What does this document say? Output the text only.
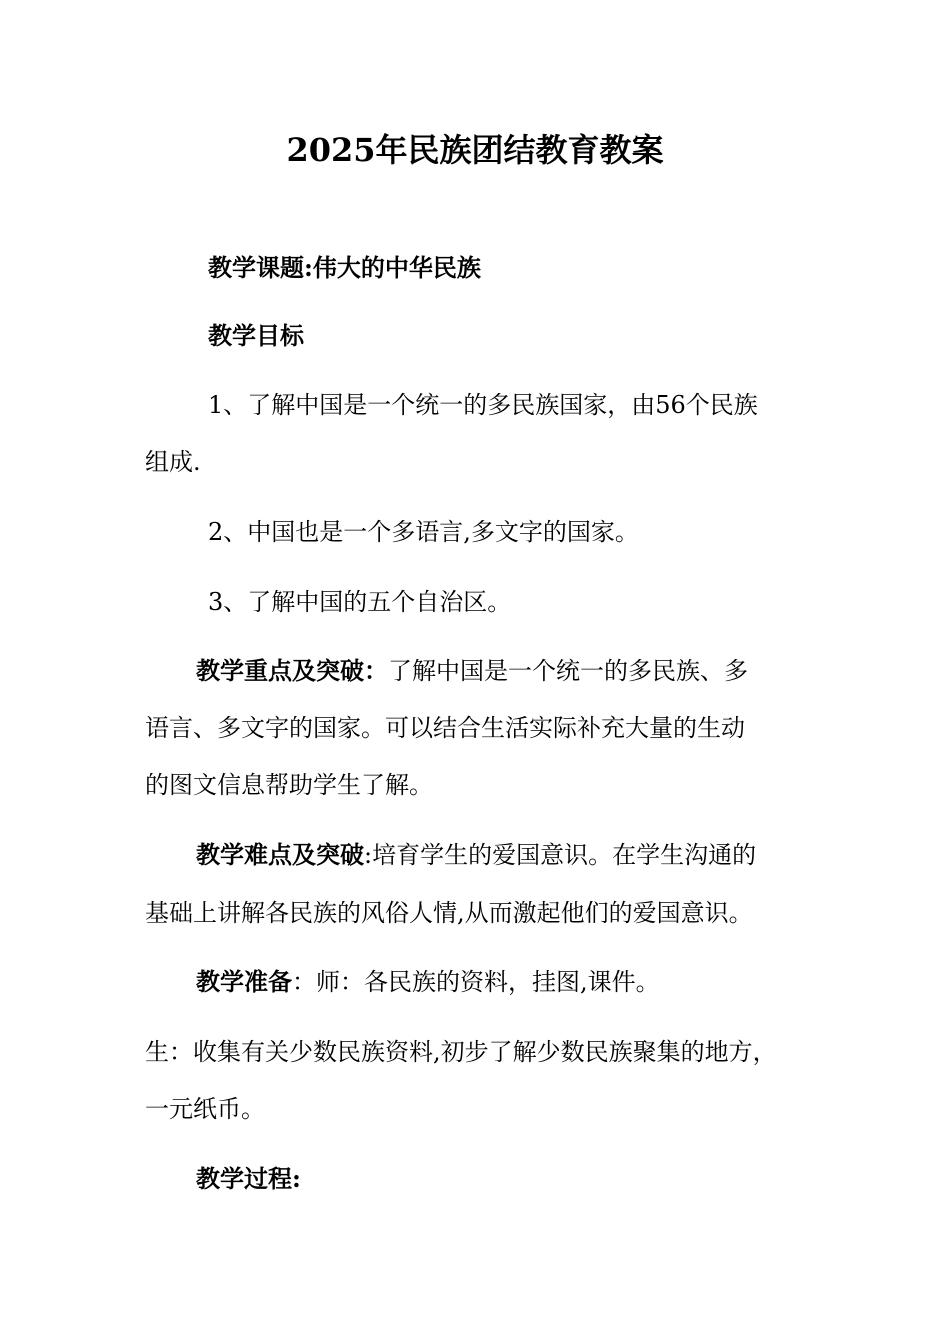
2025年民族团结教育教案
教学课题:伟大的中华民族
教学目标
1、了解中国是一个统一的多民族国家，由56个民族
组成.
2、中国也是一个多语言,多文字的国家。
3、了解中国的五个自治区。
教学重点及突破：了解中国是一个统一的多民族、多
语言、多文字的国家。可以结合生活实际补充大量的生动
的图文信息帮助学生了解。
教学难点及突破:培育学生的爱国意识。在学生沟通的
基础上讲解各民族的风俗人情,从而激起他们的爱国意识。
教学准备：师：各民族的资料，挂图,课件。
生：收集有关少数民族资料,初步了解少数民族聚集的地方，
一元纸币。
教学过程:
